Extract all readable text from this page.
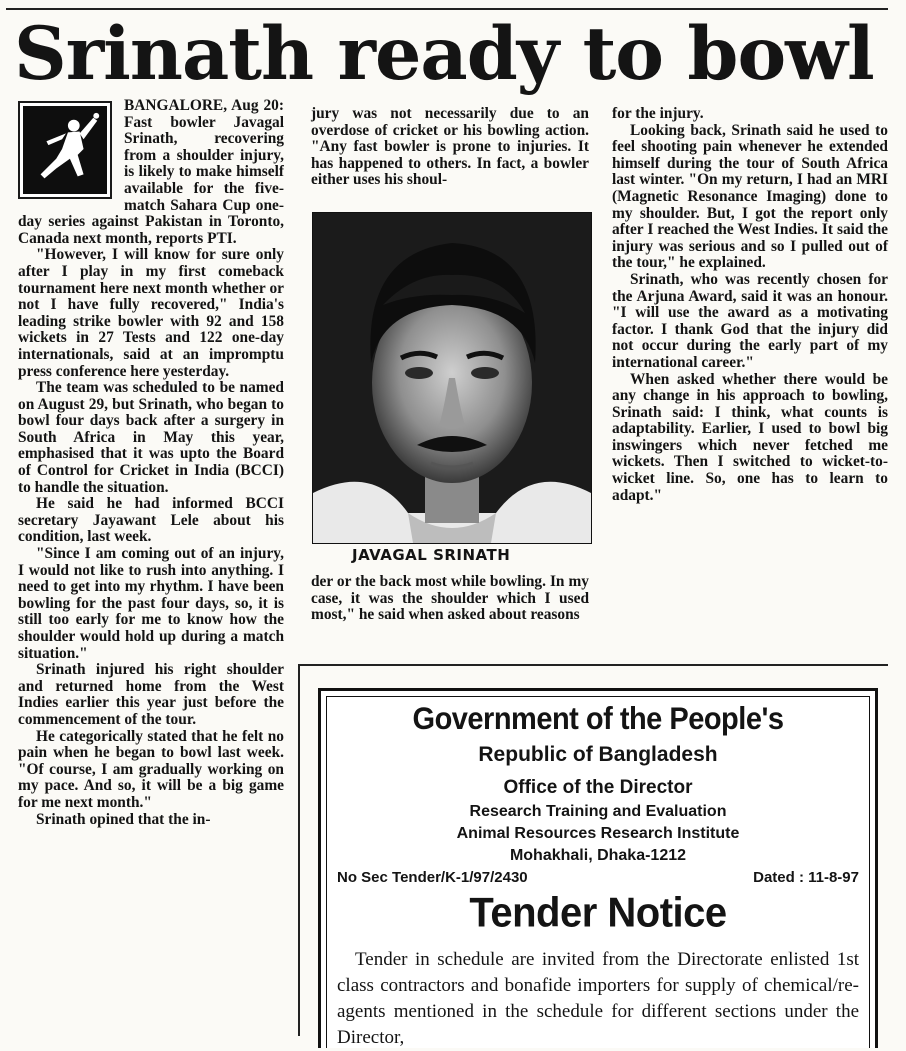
Srinath ready to bowl

BANGALORE, Aug 20: Fast bowler Javagal Srinath, recovering from a shoulder injury, is likely to make himself available for the five-match Sahara Cup one-day series against Pakistan in Toronto, Canada next month, reports PTI.

"However, I will know for sure only after I play in my first comeback tournament here next month whether or not I have fully recovered," India's leading strike bowler with 92 and 158 wickets in 27 Tests and 122 one-day internationals, said at an impromptu press conference here yesterday.

The team was scheduled to be named on August 29, but Srinath, who began to bowl four days back after a surgery in South Africa in May this year, emphasised that it was upto the Board of Control for Cricket in India (BCCI) to handle the situation.

He said he had informed BCCI secretary Jayawant Lele about his condition, last week.

"Since I am coming out of an injury, I would not like to rush into anything. I need to get into my rhythm. I have been bowling for the past four days, so, it is still too early for me to know how the shoulder would hold up during a match situation."

Srinath injured his right shoulder and returned home from the West Indies earlier this year just before the commencement of the tour.

He categorically stated that he felt no pain when he began to bowl last week. "Of course, I am gradually working on my pace. And so, it will be a big game for me next month."

Srinath opined that the in-

jury was not necessarily due to an overdose of cricket or his bowling action. "Any fast bowler is prone to injuries. It has happened to others. In fact, a bowler either uses his shoul-

JAVAGAL SRINATH

der or the back most while bowling. In my case, it was the shoulder which I used most," he said when asked about reasons

for the injury.

Looking back, Srinath said he used to feel shooting pain whenever he extended himself during the tour of South Africa last winter. "On my return, I had an MRI (Magnetic Resonance Imaging) done to my shoulder. But, I got the report only after I reached the West Indies. It said the injury was serious and so I pulled out of the tour," he explained.

Srinath, who was recently chosen for the Arjuna Award, said it was an honour. "I will use the award as a motivating factor. I thank God that the injury did not occur during the early part of my international career."

When asked whether there would be any change in his approach to bowling, Srinath said: I think, what counts is adaptability. Earlier, I used to bowl big inswingers which never fetched me wickets. Then I switched to wicket-to-wicket line. So, one has to learn to adapt."

Government of the People's

Republic of Bangladesh

Office of the Director

Research Training and Evaluation

Animal Resources Research Institute

Mohakhali, Dhaka-1212

No Sec Tender/K-1/97/2430	Dated : 11-8-97

Tender Notice

Tender in schedule are invited from the Directorate enlisted 1st class contractors and bonafide importers for supply of chemical/re-agents mentioned in the schedule for different sections under the Director,
